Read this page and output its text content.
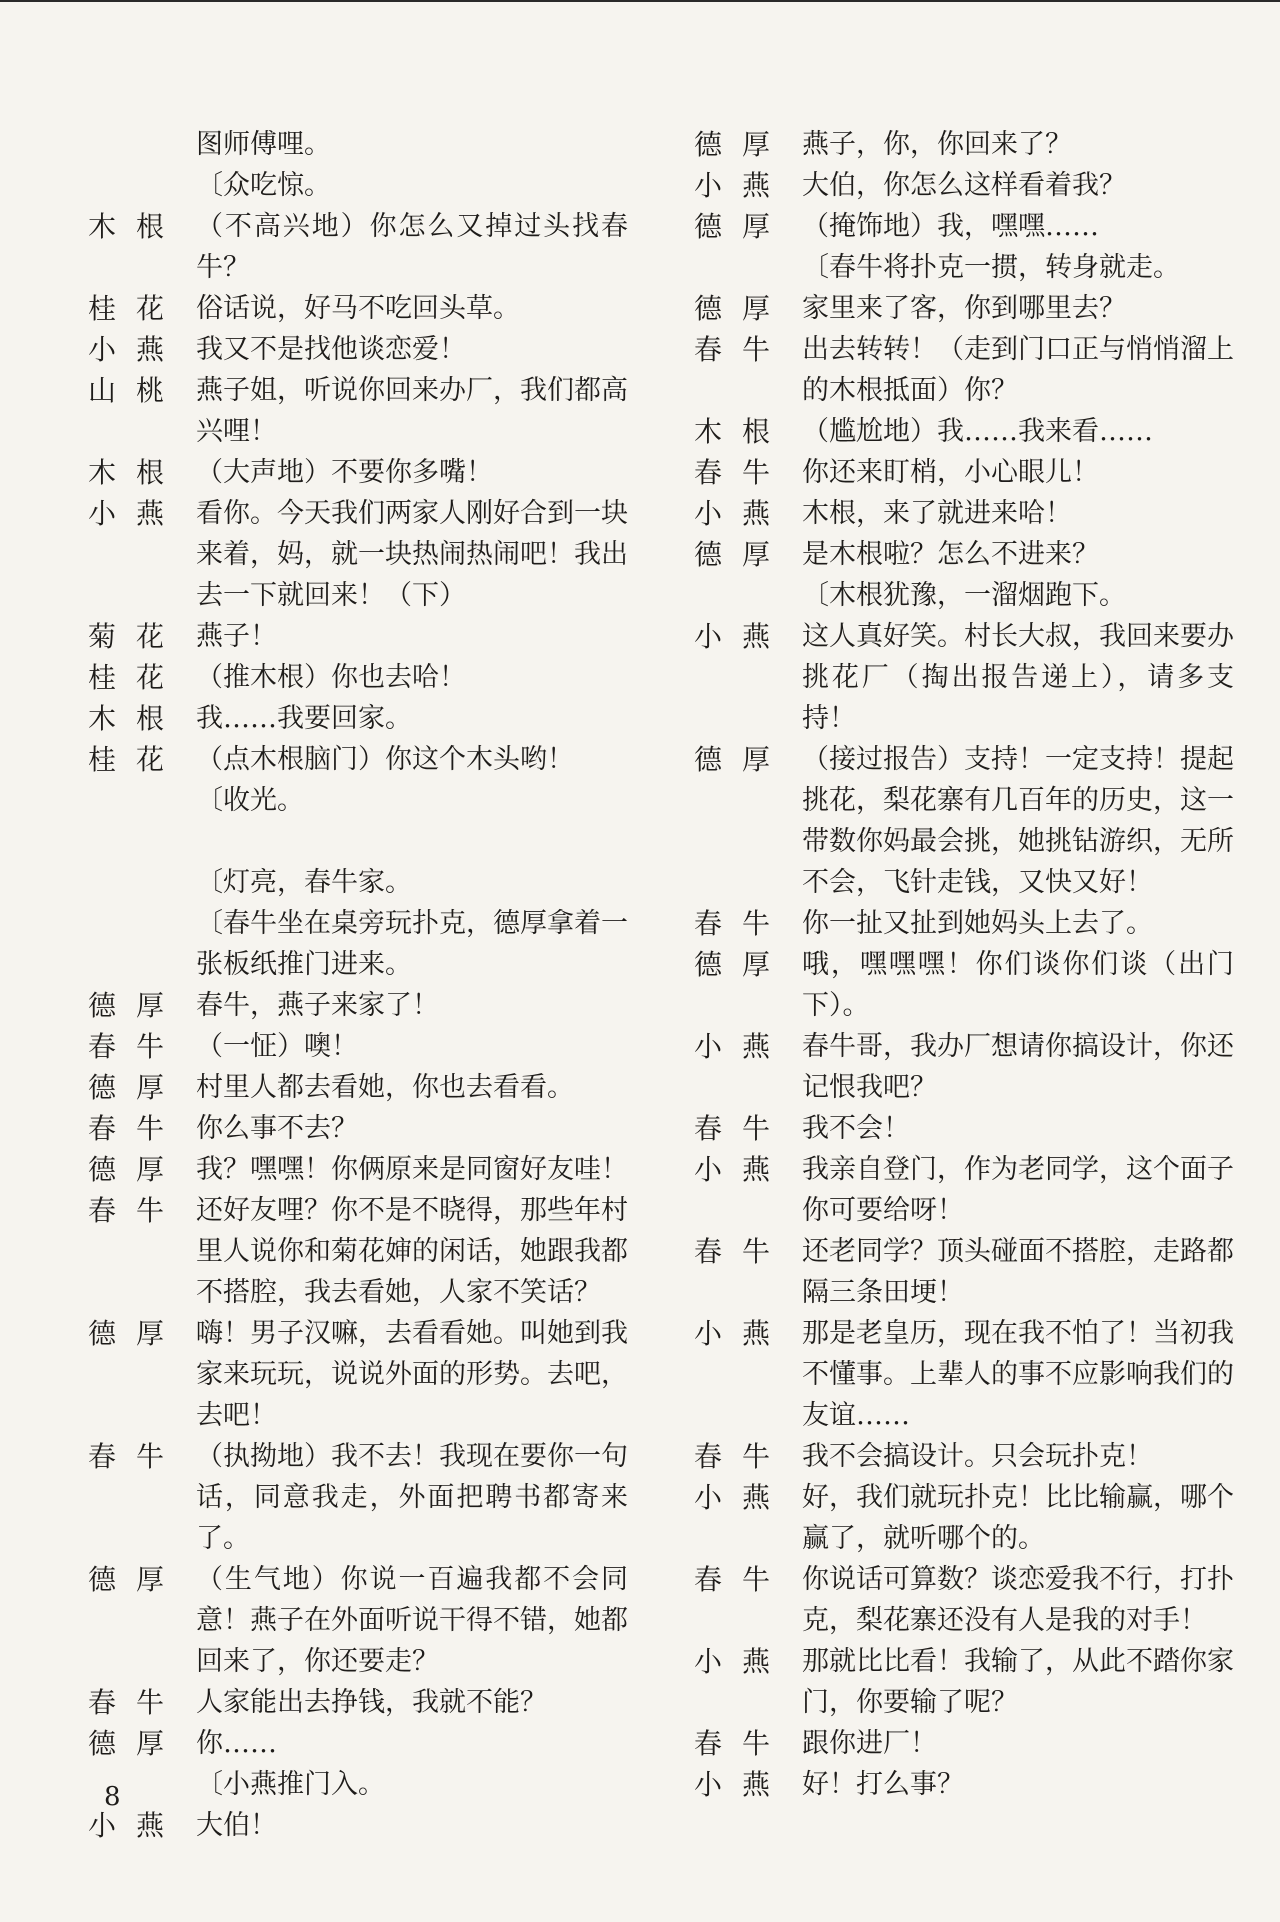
图师傅哩。
〔众吃惊。
木根 （不高兴地）你怎么又掉过头找春牛？
桂花 俗话说，好马不吃回头草。
小燕 我又不是找他谈恋爱！
山桃 燕子姐，听说你回来办厂，我们都高兴哩！
木根 （大声地）不要你多嘴！
小燕 看你。今天我们两家人刚好合到一块来着，妈，就一块热闹热闹吧！我出去一下就回来！（下）
菊花 燕子！
桂花 （推木根）你也去哈！
木根 我……我要回家。
桂花 （点木根脑门）你这个木头哟！
〔收光。
〔灯亮，春牛家。
〔春牛坐在桌旁玩扑克，德厚拿着一张板纸推门进来。
德厚 春牛，燕子来家了！
春牛 （一怔）噢！
德厚 村里人都去看她，你也去看看。
春牛 你么事不去？
德厚 我？嘿嘿！你俩原来是同窗好友哇！
春牛 还好友哩？你不是不晓得，那些年村里人说你和菊花婶的闲话，她跟我都不搭腔，我去看她，人家不笑话？
德厚 嗨！男子汉嘛，去看看她。叫她到我家来玩玩，说说外面的形势。去吧，去吧！
春牛 （执拗地）我不去！我现在要你一句话，同意我走，外面把聘书都寄来了。
德厚 （生气地）你说一百遍我都不会同意！燕子在外面听说干得不错，她都回来了，你还要走？
春牛 人家能出去挣钱，我就不能？
德厚 你……
〔小燕推门入。
小燕 大伯！
德厚 燕子，你，你回来了？
小燕 大伯，你怎么这样看着我？
德厚 （掩饰地）我，嘿嘿……
〔春牛将扑克一掼，转身就走。
德厚 家里来了客，你到哪里去？
春牛 出去转转！（走到门口正与悄悄溜上的木根抵面）你？
木根 （尴尬地）我……我来看……
春牛 你还来盯梢，小心眼儿！
小燕 木根，来了就进来哈！
德厚 是木根啦？怎么不进来？
〔木根犹豫，一溜烟跑下。
小燕 这人真好笑。村长大叔，我回来要办挑花厂（掏出报告递上），请多支持！
德厚 （接过报告）支持！一定支持！提起挑花，梨花寨有几百年的历史，这一带数你妈最会挑，她挑钻游织，无所不会，飞针走钱，又快又好！
春牛 你一扯又扯到她妈头上去了。
德厚 哦，嘿嘿嘿！你们谈你们谈（出门下）。
小燕 春牛哥，我办厂想请你搞设计，你还记恨我吧？
春牛 我不会！
小燕 我亲自登门，作为老同学，这个面子你可要给呀！
春牛 还老同学？顶头碰面不搭腔，走路都隔三条田埂！
小燕 那是老皇历，现在我不怕了！当初我不懂事。上辈人的事不应影响我们的友谊……
春牛 我不会搞设计。只会玩扑克！
小燕 好，我们就玩扑克！比比输赢，哪个赢了，就听哪个的。
春牛 你说话可算数？谈恋爱我不行，打扑克，梨花寨还没有人是我的对手！
小燕 那就比比看！我输了，从此不踏你家门，你要输了呢？
春牛 跟你进厂！
小燕 好！打么事？
8
